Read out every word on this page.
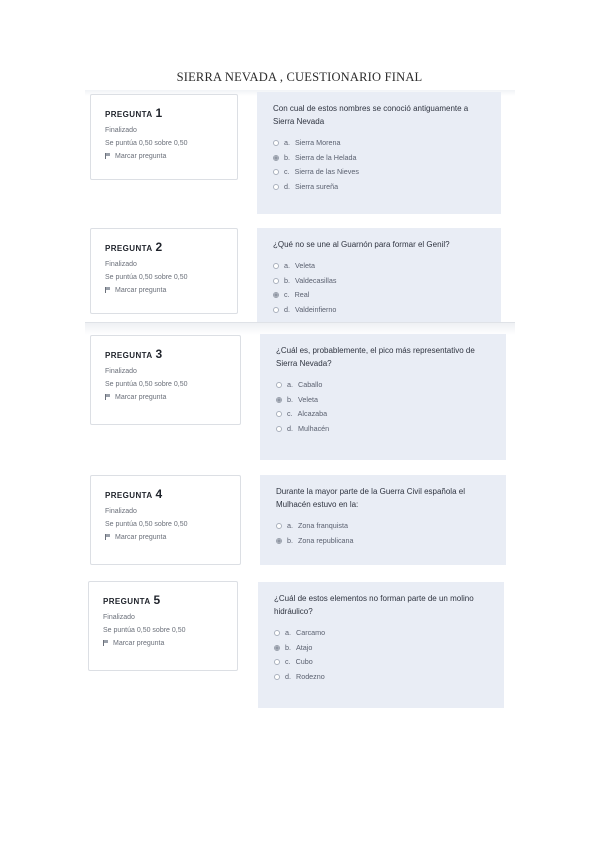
SIERRA NEVADA , CUESTIONARIO FINAL
PREGUNTA 1
Finalizado
Se puntúa 0,50 sobre 0,50
Marcar pregunta
Con cual de estos nombres se conoció antiguamente a Sierra Nevada
a. Sierra Morena
b. Sierra de la Helada
c. Sierra de las Nieves
d. Sierra sureña
PREGUNTA 2
Finalizado
Se puntúa 0,50 sobre 0,50
Marcar pregunta
¿Qué no se une al Guarnón para formar el Genil?
a. Veleta
b. Valdecasillas
c. Real
d. Valdeinfierno
PREGUNTA 3
Finalizado
Se puntúa 0,50 sobre 0,50
Marcar pregunta
¿Cuál es, probablemente, el pico más representativo de Sierra Nevada?
a. Caballo
b. Veleta
c. Alcazaba
d. Mulhacén
PREGUNTA 4
Finalizado
Se puntúa 0,50 sobre 0,50
Marcar pregunta
Durante la mayor parte de la Guerra Civil española el Mulhacén estuvo en la:
a. Zona franquista
b. Zona republicana
PREGUNTA 5
Finalizado
Se puntúa 0,50 sobre 0,50
Marcar pregunta
¿Cuál de estos elementos no forman parte de un molino hidráulico?
a. Carcamo
b. Atajo
c. Cubo
d. Rodezno
